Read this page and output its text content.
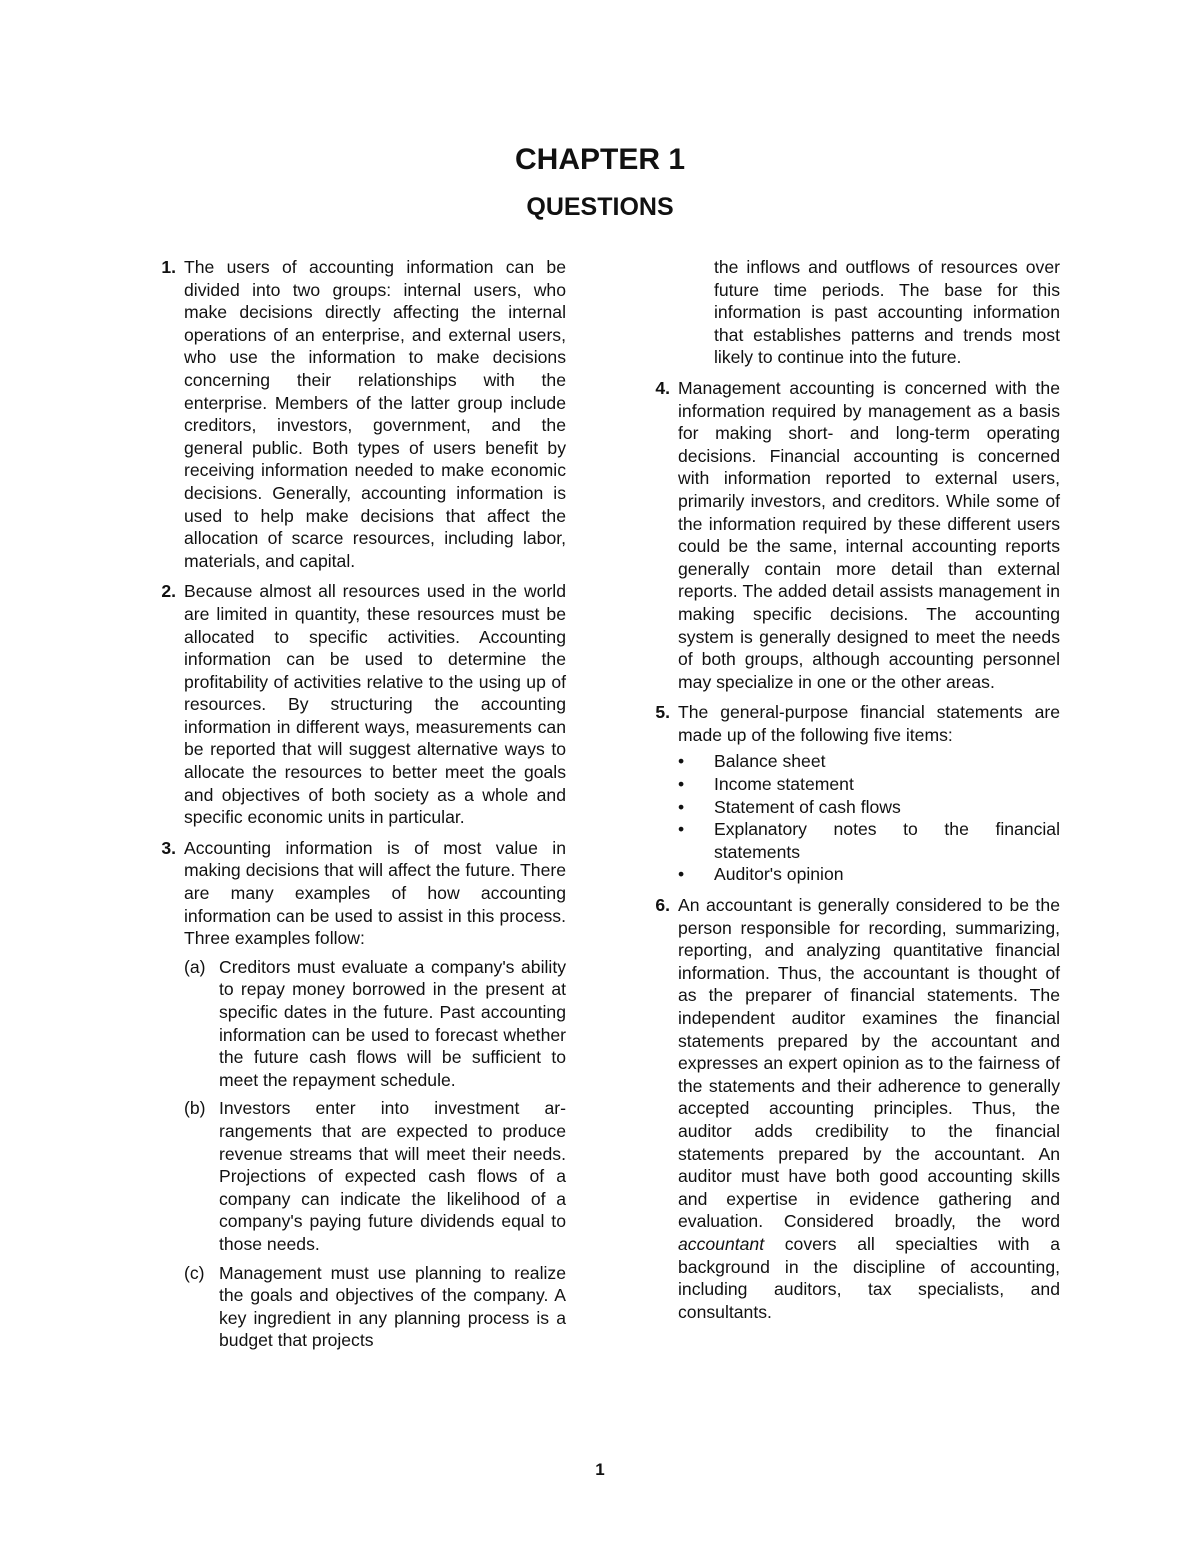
CHAPTER 1
QUESTIONS
1. The users of accounting information can be divided into two groups: internal users, who make decisions directly affecting the internal operations of an enterprise, and external users, who use the information to make decisions concerning their relationships with the enterprise. Members of the latter group include creditors, investors, government, and the general public. Both types of users benefit by receiving information needed to make economic decisions. Generally, accounting information is used to help make decisions that affect the allocation of scarce resources, including labor, materials, and capital.

2. Because almost all resources used in the world are limited in quantity, these resources must be allocated to specific activities. Accounting information can be used to determine the profitability of activities relative to the using up of resources. By structuring the accounting information in different ways, measurements can be reported that will suggest alternative ways to allocate the resources to better meet the goals and objectives of both society as a whole and specific economic units in particular.

3. Accounting information is of most value in making decisions that will affect the future. There are many examples of how accounting information can be used to assist in this process. Three examples follow:

(a) Creditors must evaluate a company's ability to repay money borrowed in the present at specific dates in the future. Past accounting information can be used to forecast whether the future cash flows will be sufficient to meet the repayment schedule.
(b) Investors enter into investment arrangements that are expected to produce revenue streams that will meet their needs. Projections of expected cash flows of a company can indicate the likelihood of a company's paying future dividends equal to those needs.
(c) Management must use planning to realize the goals and objectives of the company. A key ingredient in any planning process is a budget that projects

the inflows and outflows of resources over future time periods. The base for this information is past accounting information that establishes patterns and trends most likely to continue into the future.

4. Management accounting is concerned with the information required by management as a basis for making short- and long-term operating decisions. Financial accounting is concerned with information reported to external users, primarily investors, and creditors. While some of the information required by these different users could be the same, internal accounting reports generally contain more detail than external reports. The added detail assists management in making specific decisions. The accounting system is generally designed to meet the needs of both groups, although accounting personnel may specialize in one or the other areas.

5. The general-purpose financial statements are made up of the following five items:

• Balance sheet
• Income statement
• Statement of cash flows
• Explanatory notes to the financial statements
• Auditor's opinion
6. An accountant is generally considered to be the person responsible for recording, summarizing, reporting, and analyzing quantitative financial information. Thus, the accountant is thought of as the preparer of financial statements. The independent auditor examines the financial statements prepared by the accountant and expresses an expert opinion as to the fairness of the statements and their adherence to generally accepted accounting principles. Thus, the auditor adds credibility to the financial statements prepared by the accountant. An auditor must have both good accounting skills and expertise in evidence gathering and evaluation. Considered broadly, the word accountant covers all specialties with a background in the discipline of accounting, including auditors, tax specialists, and consultants.

1
